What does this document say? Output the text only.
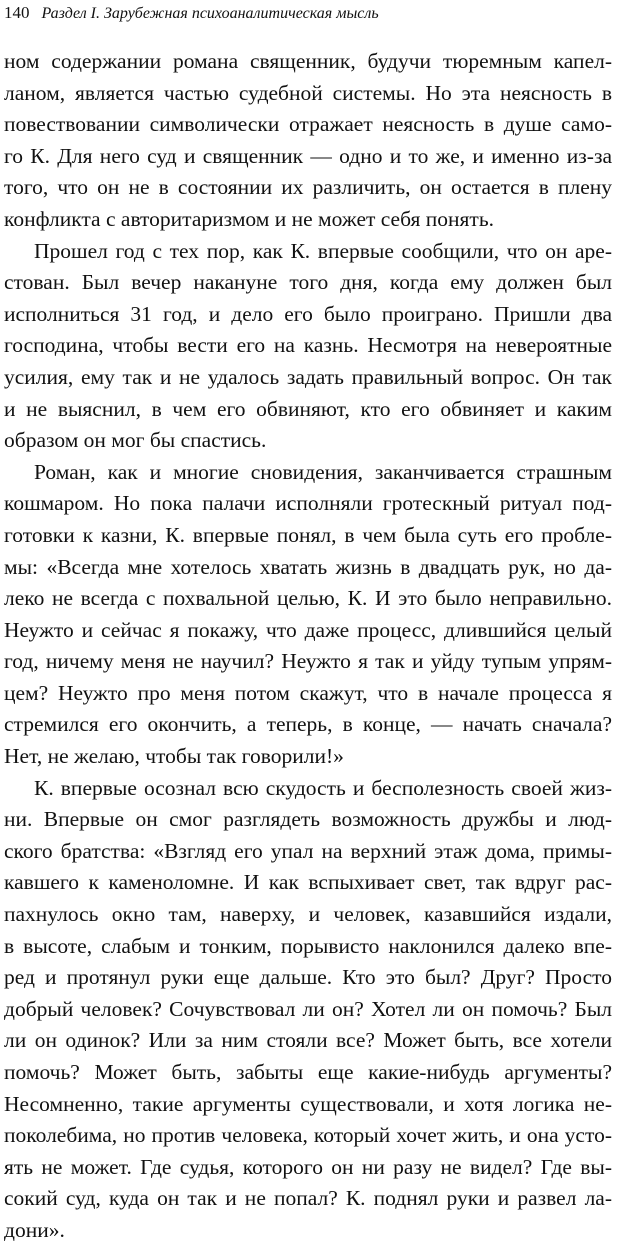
140 Раздел I. Зарубежная психоаналитическая мысль
ном содержании романа священник, будучи тюремным капел-
ланом, является частью судебной системы. Но эта неясность в
повествовании символически отражает неясность в душе само-
го К. Для него суд и священник — одно и то же, и именно из-за
того, что он не в состоянии их различить, он остается в плену
конфликта с авторитаризмом и не может себя понять.
Прошел год с тех пор, как К. впервые сообщили, что он аре-
стован. Был вечер накануне того дня, когда ему должен был
исполниться 31 год, и дело его было проиграно. Пришли два
господина, чтобы вести его на казнь. Несмотря на невероятные
усилия, ему так и не удалось задать правильный вопрос. Он так
и не выяснил, в чем его обвиняют, кто его обвиняет и каким
образом он мог бы спастись.
Роман, как и многие сновидения, заканчивается страшным
кошмаром. Но пока палачи исполняли гротескный ритуал под-
готовки к казни, К. впервые понял, в чем была суть его пробле-
мы: «Всегда мне хотелось хватать жизнь в двадцать рук, но да-
леко не всегда с похвальной целью, К. И это было неправильно.
Неужто и сейчас я покажу, что даже процесс, длившийся целый
год, ничему меня не научил? Неужто я так и уйду тупым упрям-
цем? Неужто про меня потом скажут, что в начале процесса я
стремился его окончить, а теперь, в конце, — начать сначала?
Нет, не желаю, чтобы так говорили!»
К. впервые осознал всю скудость и бесполезность своей жиз-
ни. Впервые он смог разглядеть возможность дружбы и люд-
ского братства: «Взгляд его упал на верхний этаж дома, примы-
кавшего к каменоломне. И как вспыхивает свет, так вдруг рас-
пахнулось окно там, наверху, и человек, казавшийся издали,
в высоте, слабым и тонким, порывисто наклонился далеко впе-
ред и протянул руки еще дальше. Кто это был? Друг? Просто
добрый человек? Сочувствовал ли он? Хотел ли он помочь? Был
ли он одинок? Или за ним стояли все? Может быть, все хотели
помочь? Может быть, забыты еще какие-нибудь аргументы?
Несомненно, такие аргументы существовали, и хотя логика не-
поколебима, но против человека, который хочет жить, и она усто-
ять не может. Где судья, которого он ни разу не видел? Где вы-
сокий суд, куда он так и не попал? К. поднял руки и развел ла-
дони».
